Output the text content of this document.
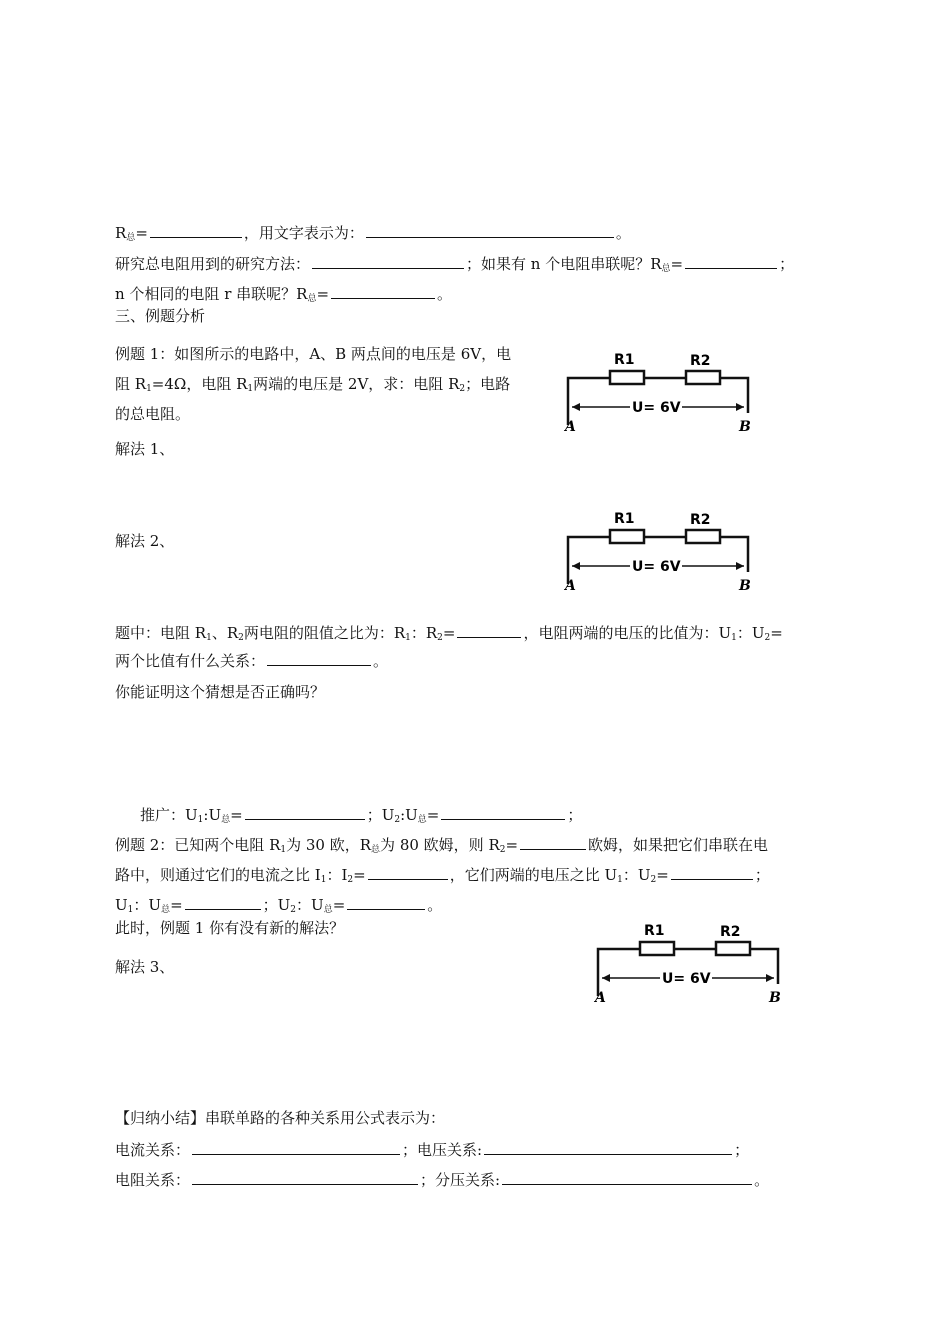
$R_总=$	，用文字表示为：	。
研究总电阻用到的研究方法：	；如果有 n 个电阻串联呢？$R_总=$	；
n 个相同的电阻 r 串联呢？$R_总=$	。
三、例题分析
例题 1：如图所示的电路中，A、B 两点间的电压是 6V，电
阻 $R_1=4\Omega$，电阻 $R_1$两端的电压是 2V，求：电阻 $R_2$；电路
的总电阻。
解法 1、
解法 2、
R1	R2
U= 6V
A	B
R1	R2
U= 6V
A	B
题中：电阻 $R_1$、$R_2$两电阻的阻值之比为：$R_1$：$R_2=$	，电阻两端的电压的比值为：$U_1$：$U_2=$
两个比值有什么关系：	。
你能证明这个猜想是否正确吗？
推广：$U_1:U_总=$	；$U_2:U_总=$	；
例题 2：已知两个电阻 $R_1$为 30 欧，$R_总$为 80 欧姆，则 $R_2=$	欧姆，如果把它们串联在电
路中，则通过它们的电流之比 $I_1$：$I_2=$	，它们两端的电压之比 $U_1$：$U_2=$	；
$U_1$：$U_总=$	；$U_2$：$U_总=$	。
此时，例题 1 你有没有新的解法？
解法 3、
R1	R2
U= 6V
A	B
【归纳小结】串联单路的各种关系用公式表示为：
电流关系：	；电压关系:	；
电阻关系：	；分压关系:	。
